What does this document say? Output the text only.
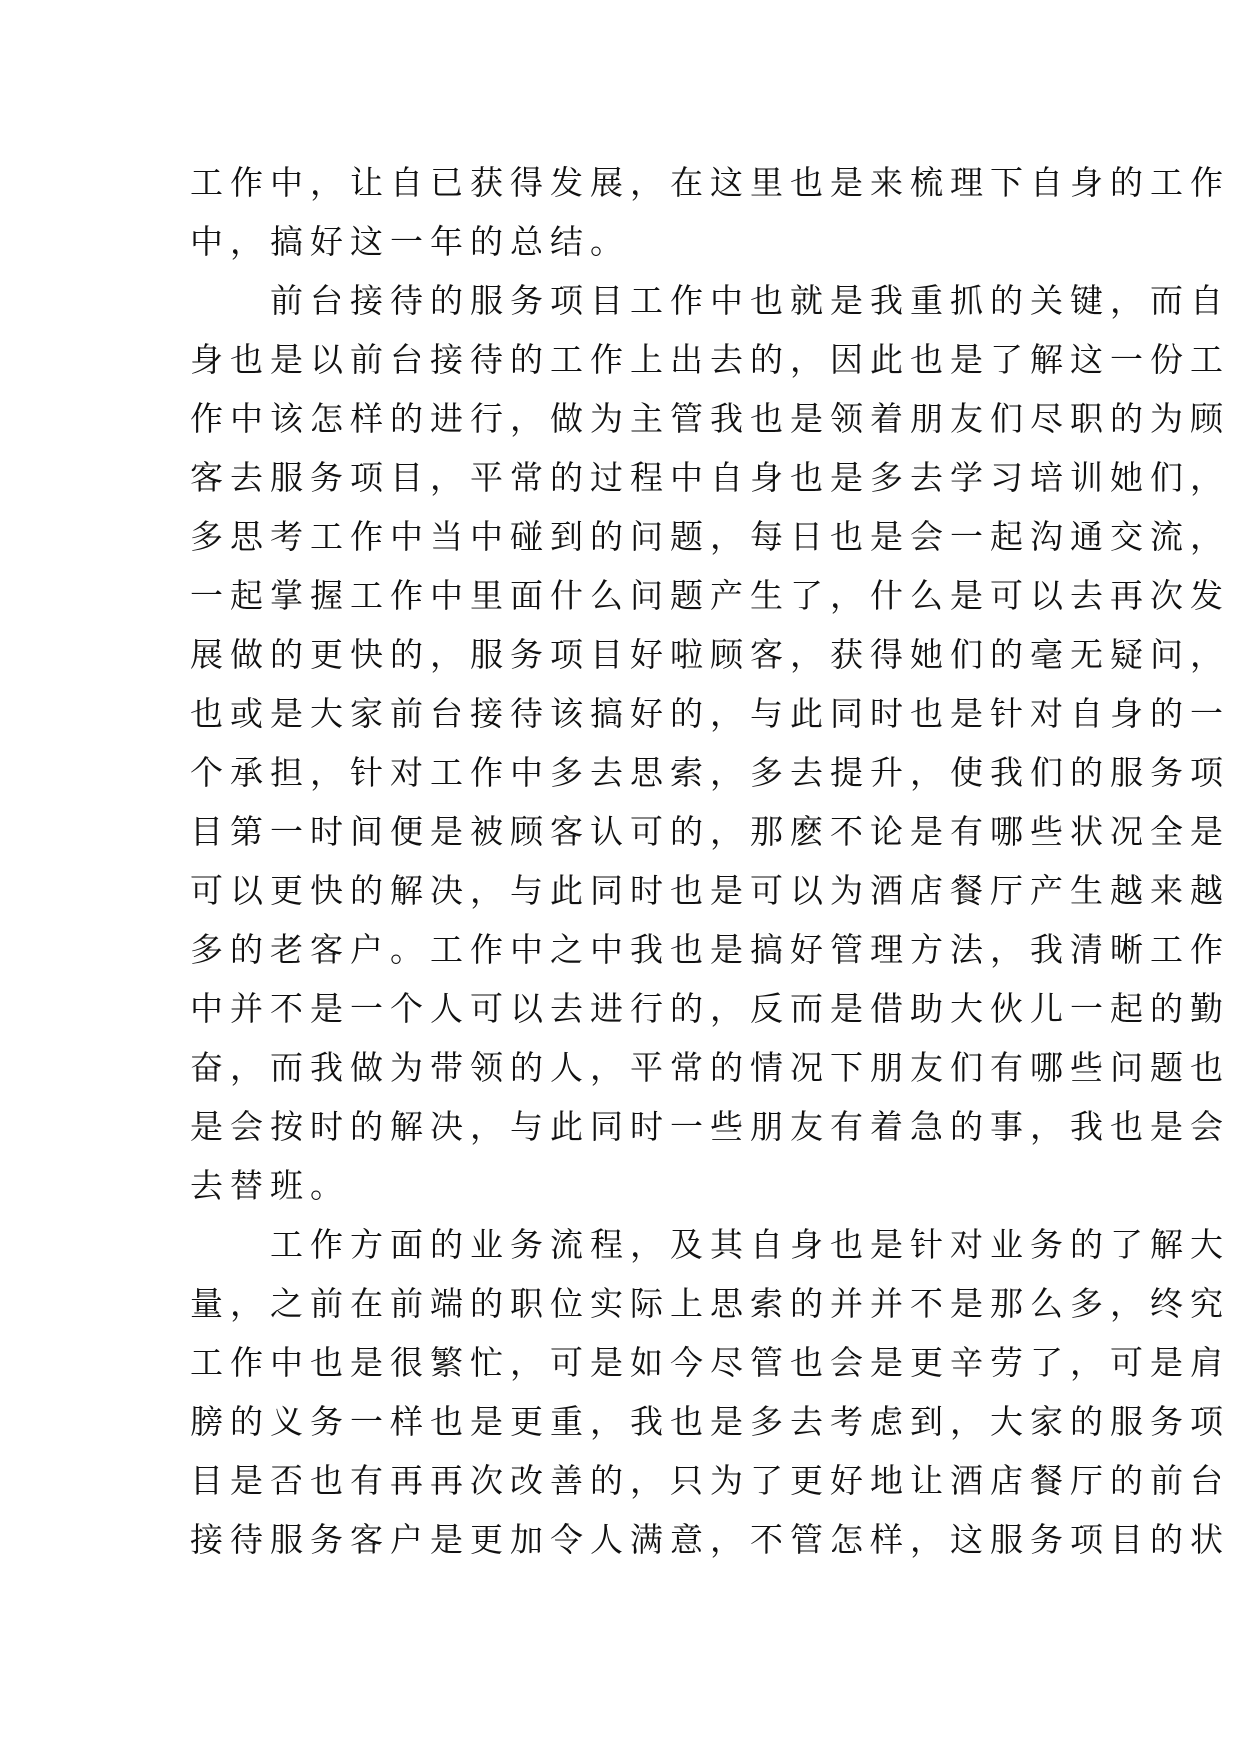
工作中，让自已获得发展，在这里也是来梳理下自身的工作
中，搞好这一年的总结。
前台接待的服务项目工作中也就是我重抓的关键，而自
身也是以前台接待的工作上出去的，因此也是了解这一份工
作中该怎样的进行，做为主管我也是领着朋友们尽职的为顾
客去服务项目，平常的过程中自身也是多去学习培训她们，
多思考工作中当中碰到的问题，每日也是会一起沟通交流，
一起掌握工作中里面什么问题产生了，什么是可以去再次发
展做的更快的，服务项目好啦顾客，获得她们的毫无疑问，
也或是大家前台接待该搞好的，与此同时也是针对自身的一
个承担，针对工作中多去思索，多去提升，使我们的服务项
目第一时间便是被顾客认可的，那麽不论是有哪些状况全是
可以更快的解决，与此同时也是可以为酒店餐厅产生越来越
多的老客户。工作中之中我也是搞好管理方法，我清晰工作
中并不是一个人可以去进行的，反而是借助大伙儿一起的勤
奋，而我做为带领的人，平常的情况下朋友们有哪些问题也
是会按时的解决，与此同时一些朋友有着急的事，我也是会
去替班。
工作方面的业务流程，及其自身也是针对业务的了解大
量，之前在前端的职位实际上思索的并并不是那么多，终究
工作中也是很繁忙，可是如今尽管也会是更辛劳了，可是肩
膀的义务一样也是更重，我也是多去考虑到，大家的服务项
目是否也有再再次改善的，只为了更好地让酒店餐厅的前台
接待服务客户是更加令人满意，不管怎样，这服务项目的状
